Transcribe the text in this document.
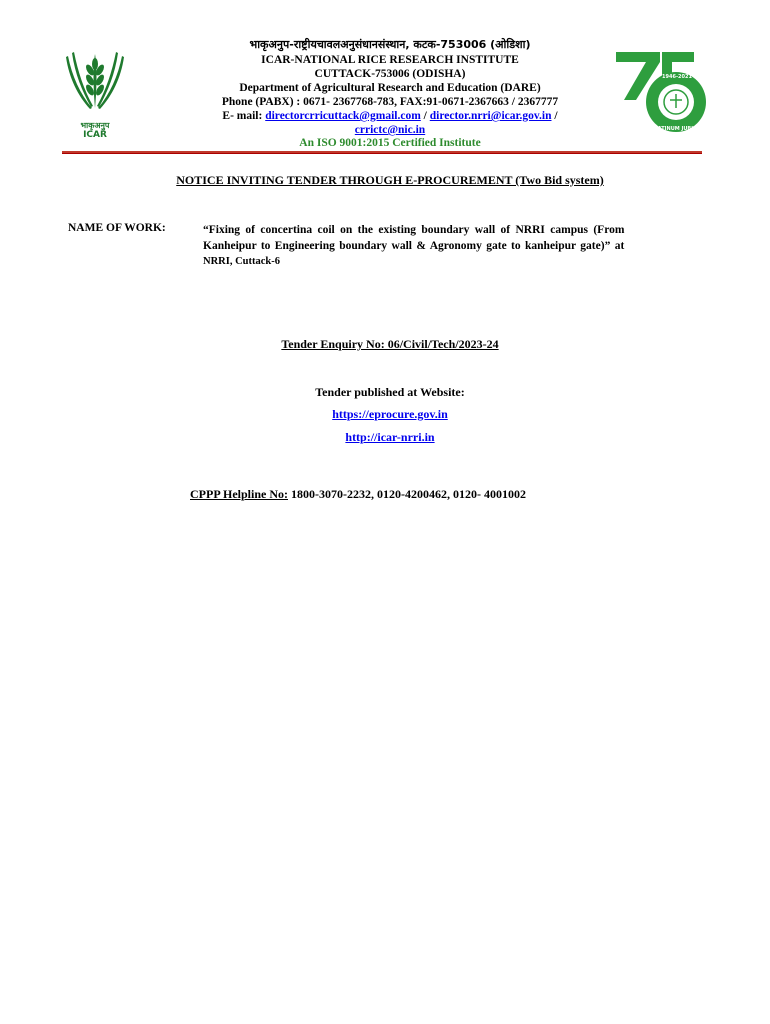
भाकृअनुप
ICAR
1946-2021
PLATINUM JUBILEE
भाकृअनुप-राष्ट्रीयचावलअनुसंधानसंस्थान, कटक-753006 (ओडिशा)
ICAR-NATIONAL RICE RESEARCH INSTITUTE
CUTTACK-753006 (ODISHA)
Department of Agricultural Research and Education (DARE)
Phone (PABX) : 0671- 2367768-783, FAX:91-0671-2367663 / 2367777
E- mail: directorcrricuttack@gmail.com / director.nrri@icar.gov.in /
crrictc@nic.in
An ISO 9001:2015 Certified Institute
NOTICE INVITING TENDER THROUGH E-PROCUREMENT (Two Bid system)
NAME OF WORK:	“Fixing of concertina coil on the existing boundary wall of NRRI campus (From
Kanheipur to Engineering boundary wall & Agronomy gate to kanheipur gate)” at
NRRI, Cuttack-6
Tender Enquiry No: 06/Civil/Tech/2023-24
Tender published at Website:
https://eprocure.gov.in
http://icar-nrri.in
CPPP Helpline No: 1800-3070-2232, 0120-4200462, 0120- 4001002
